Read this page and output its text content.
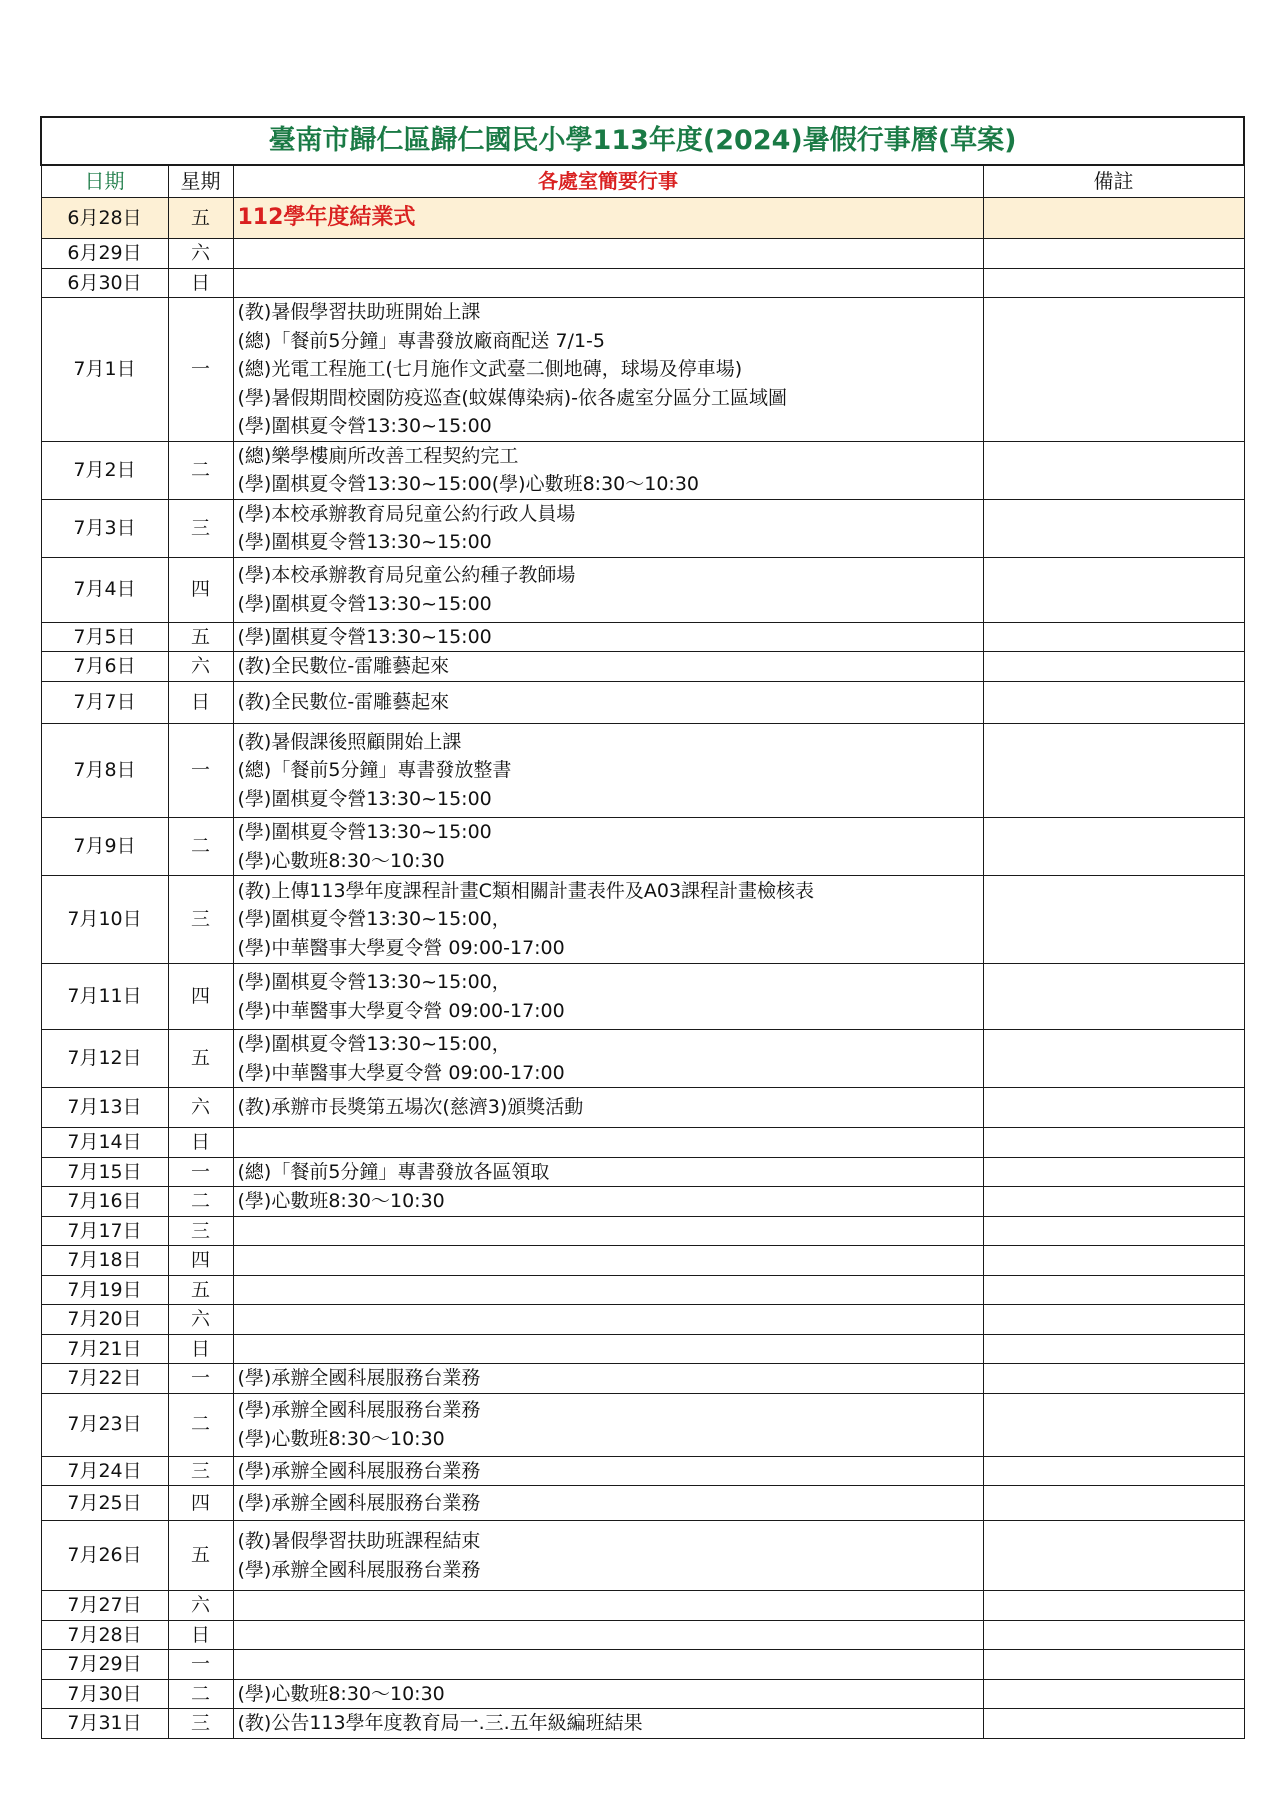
臺南市歸仁區歸仁國民小學113年度(2024)暑假行事曆(草案)			
日期	星期	各處室簡要行事	備註
6月28日	五	112學年度結業式	

6月29日	六		
6月30日	日		
7月1日	一	(教)暑假學習扶助班開始上課
(總)「餐前5分鐘」專書發放廠商配送 7/1-5
(總)光電工程施工(七月施作文武臺二側地磚，球場及停車場)
(學)暑假期間校園防疫巡查(蚊媒傳染病)-依各處室分區分工區域圖
(學)圍棋夏令營13:30~15:00	

7月2日	二	(總)樂學樓廁所改善工程契約完工
(學)圍棋夏令營13:30~15:00(學)心數班8:30～10:30	

7月3日	三	(學)本校承辦教育局兒童公約行政人員場
(學)圍棋夏令營13:30~15:00	

7月4日	四	(學)本校承辦教育局兒童公約種子教師場
(學)圍棋夏令營13:30~15:00	

7月5日	五	(學)圍棋夏令營13:30~15:00	

7月6日	六	(教)全民數位-雷雕藝起來	

7月7日	日	(教)全民數位-雷雕藝起來	

7月8日	一	(教)暑假課後照顧開始上課
(總)「餐前5分鐘」專書發放整書
(學)圍棋夏令營13:30~15:00	

7月9日	二	(學)圍棋夏令營13:30~15:00
(學)心數班8:30～10:30	

7月10日	三	(教)上傳113學年度課程計畫C類相關計畫表件及A03課程計畫檢核表
(學)圍棋夏令營13:30~15:00，
(學)中華醫事大學夏令營 09:00-17:00	

7月11日	四	(學)圍棋夏令營13:30~15:00，
(學)中華醫事大學夏令營 09:00-17:00	

7月12日	五	(學)圍棋夏令營13:30~15:00，
(學)中華醫事大學夏令營 09:00-17:00	

7月13日	六	(教)承辦市長獎第五場次(慈濟3)頒獎活動	

7月14日	日		
7月15日	一	(總)「餐前5分鐘」專書發放各區領取	

7月16日	二	(學)心數班8:30～10:30	

7月17日	三		
7月18日	四		
7月19日	五		
7月20日	六		
7月21日	日		
7月22日	一	(學)承辦全國科展服務台業務	

7月23日	二	(學)承辦全國科展服務台業務
(學)心數班8:30～10:30	

7月24日	三	(學)承辦全國科展服務台業務	

7月25日	四	(學)承辦全國科展服務台業務	

7月26日	五	(教)暑假學習扶助班課程結束
(學)承辦全國科展服務台業務	

7月27日	六		
7月28日	日		
7月29日	一		
7月30日	二	(學)心數班8:30～10:30	

7月31日	三	(教)公告113學年度教育局一.三.五年級編班結果	
